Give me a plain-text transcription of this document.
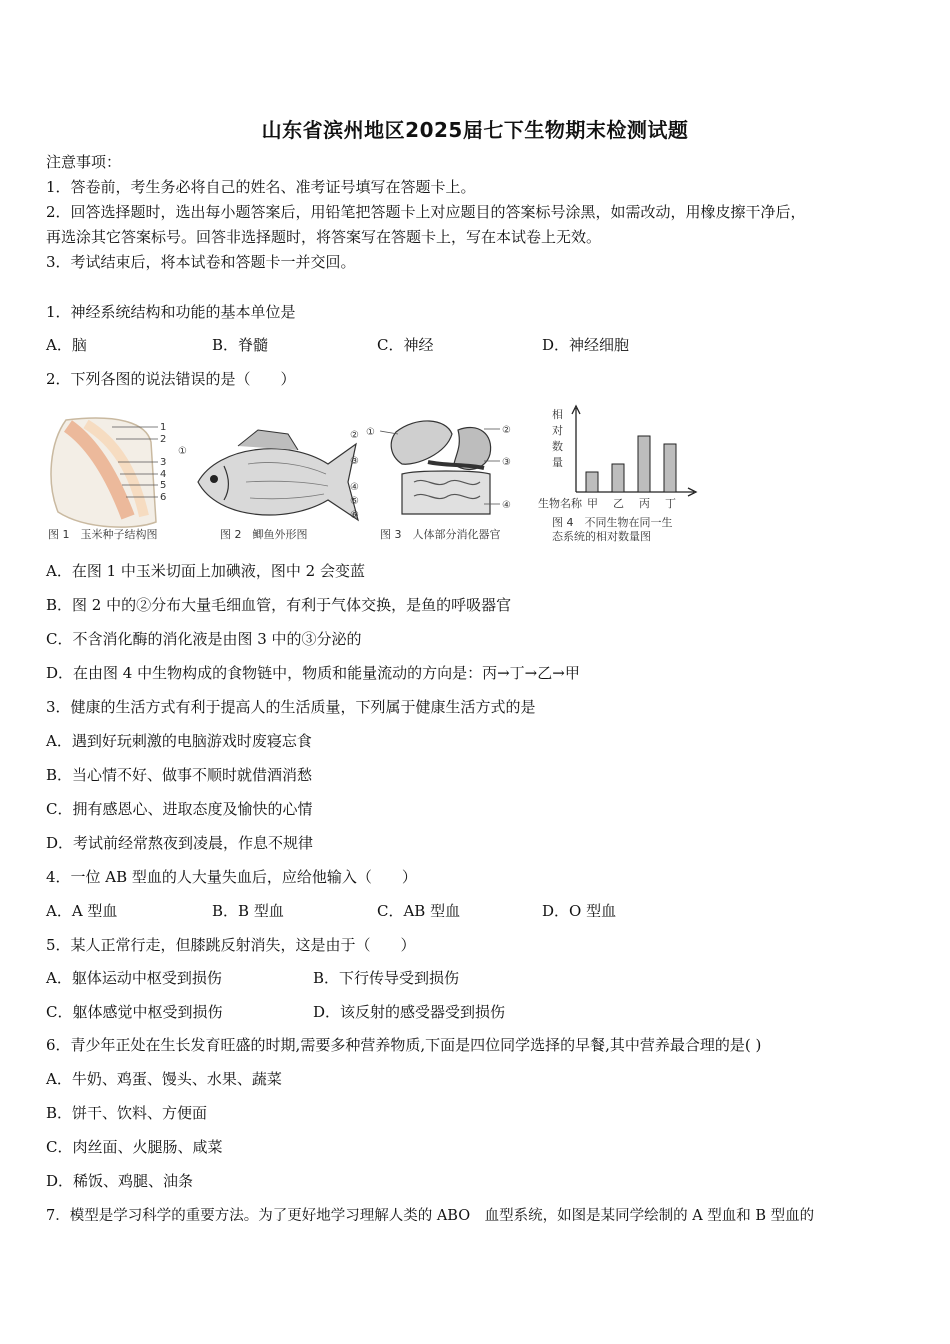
山东省滨州地区2025届七下生物期末检测试题
注意事项：
1．答卷前，考生务必将自己的姓名、准考证号填写在答题卡上。
2．回答选择题时，选出每小题答案后，用铅笔把答题卡上对应题目的答案标号涂黑，如需改动，用橡皮擦干净后，
再选涂其它答案标号。回答非选择题时，将答案写在答题卡上，写在本试卷上无效。
3．考试结束后，将本试卷和答题卡一并交回。
1．神经系统结构和功能的基本单位是
A．脑	B．脊髓	C．神经	D．神经细胞
2．下列各图的说法错误的是（　　）
1
2
3
4
5
6
图 1　玉米种子结构图
①
②
③
④
⑤
⑥
图 2　鲫鱼外形图
①	②
③
④
图 3　人体部分消化器官
相
对
数
量
生物名称 甲 乙 丙 丁
图 4　不同生物在同一生
态系统的相对数量图
A．在图 1 中玉米切面上加碘液，图中 2 会变蓝
B．图 2 中的②分布大量毛细血管，有利于气体交换，是鱼的呼吸器官
C．不含消化酶的消化液是由图 3 中的③分泌的
D．在由图 4 中生物构成的食物链中，物质和能量流动的方向是：丙→丁→乙→甲
3．健康的生活方式有利于提高人的生活质量，下列属于健康生活方式的是
A．遇到好玩刺激的电脑游戏时废寝忘食
B．当心情不好、做事不顺时就借酒消愁
C．拥有感恩心、进取态度及愉快的心情
D．考试前经常熬夜到凌晨，作息不规律
4．一位 AB 型血的人大量失血后，应给他输入（　　）
A．A 型血	B．B 型血	C．AB 型血	D．O 型血
5．某人正常行走，但膝跳反射消失，这是由于（　　）
A．躯体运动中枢受到损伤	B．下行传导受到损伤
C．躯体感觉中枢受到损伤	D．该反射的感受器受到损伤
6．青少年正处在生长发育旺盛的时期,需要多种营养物质,下面是四位同学选择的早餐,其中营养最合理的是( )
A．牛奶、鸡蛋、馒头、水果、蔬菜
B．饼干、饮料、方便面
C．肉丝面、火腿肠、咸菜
D．稀饭、鸡腿、油条
7．模型是学习科学的重要方法。为了更好地学习理解人类的 ABO　血型系统，如图是某同学绘制的 A 型血和 B 型血的
